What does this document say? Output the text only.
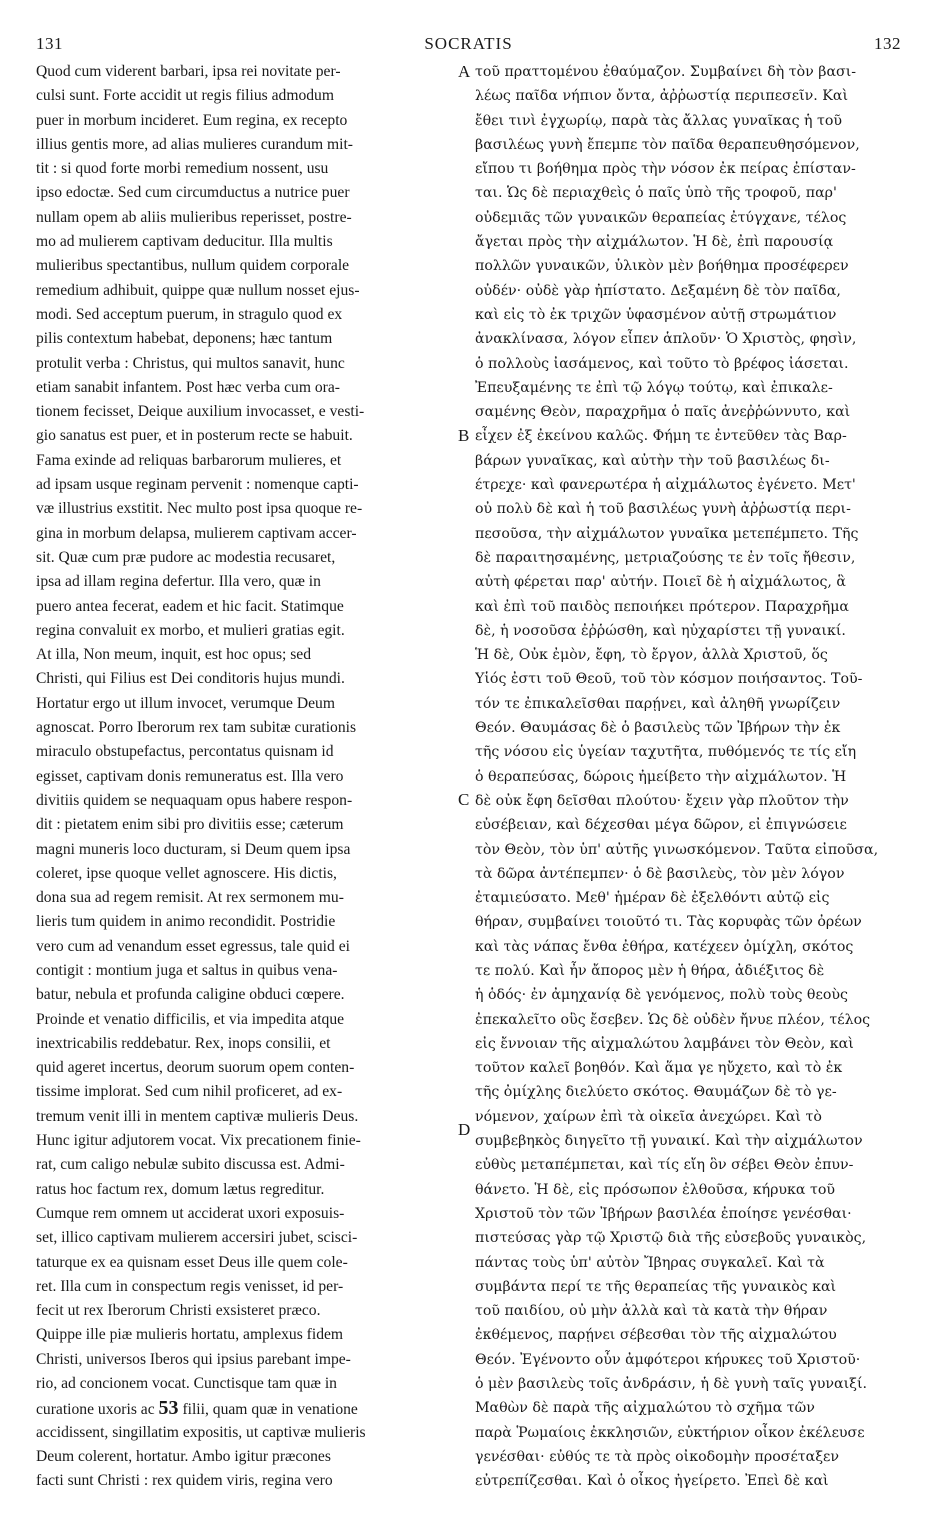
131	SOCRATIS	132
Quod cum viderent barbari, ipsa rei novitate per-
culsi sunt. Forte accidit ut regis filius admodum
puer in morbum incideret. Eum regina, ex recepto
illius gentis more, ad alias mulieres curandum mit-
tit : si quod forte morbi remedium nossent, usu
ipso edoctæ. Sed cum circumductus a nutrice puer
nullam opem ab aliis mulieribus reperisset, postre-
mo ad mulierem captivam deducitur. Illa multis
mulieribus spectantibus, nullum quidem corporale
remedium adhibuit, quippe quæ nullum nosset ejus-
modi. Sed acceptum puerum, in stragulo quod ex
pilis contextum habebat, deponens; hæc tantum
protulit verba : Christus, qui multos sanavit, hunc
etiam sanabit infantem. Post hæc verba cum ora-
tionem fecisset, Deique auxilium invocasset, e vesti-
gio sanatus est puer, et in posterum recte se habuit.
Fama exinde ad reliquas barbarorum mulieres, et
ad ipsam usque reginam pervenit : nomenque capti-
væ illustrius exstitit. Nec multo post ipsa quoque re-
gina in morbum delapsa, mulierem captivam accer-
sit. Quæ cum præ pudore ac modestia recusaret,
ipsa ad illam regina defertur. Illa vero, quæ in
puero antea fecerat, eadem et hic facit. Statimque
regina convaluit ex morbo, et mulieri gratias egit.
At illa, Non meum, inquit, est hoc opus; sed
Christi, qui Filius est Dei conditoris hujus mundi.
Hortatur ergo ut illum invocet, verumque Deum
agnoscat. Porro Iberorum rex tam subitæ curationis
miraculo obstupefactus, percontatus quisnam id
egisset, captivam donis remuneratus est. Illa vero
divitiis quidem se nequaquam opus habere respon-
dit : pietatem enim sibi pro divitiis esse; cæterum
magni muneris loco ducturam, si Deum quem ipsa
coleret, ipse quoque vellet agnoscere. His dictis,
dona sua ad regem remisit. At rex sermonem mu-
lieris tum quidem in animo recondidit. Postridie
vero cum ad venandum esset egressus, tale quid ei
contigit : montium juga et saltus in quibus vena-
batur, nebula et profunda caligine obduci cœpere.
Proinde et venatio difficilis, et via impedita atque
inextricabilis reddebatur. Rex, inops consilii, et
quid ageret incertus, deorum suorum opem conten-
tissime implorat. Sed cum nihil proficeret, ad ex-
tremum venit illi in mentem captivæ mulieris Deus.
Hunc igitur adjutorem vocat. Vix precationem finie-
rat, cum caligo nebulæ subito discussa est. Admi-
ratus hoc factum rex, domum lætus regreditur.
Cumque rem omnem ut acciderat uxori exposuis-
set, illico captivam mulierem accersiri jubet, sciscі-
taturque ex ea quisnam esset Deus ille quem cole-
ret. Illa cum in conspectum regis venisset, id per-
fecit ut rex Iberorum Christi exsisteret præco.
Quippe ille piæ mulieris hortatu, amplexus fidem
Christi, universos Iberos qui ipsius parebant impe-
rio, ad concionem vocat. Cunctisque tam quæ in
curatione uxoris ac 53 filii, quam quæ in venatione
accidissent, singillatim expositis, ut captivæ mulieris
Deum colerent, hortatur. Ambo igitur præcones
facti sunt Christi : rex quidem viris, regina vero
τοῦ πραττομένου ἐθαύμαζον. Συμβαίνει δὴ τὸν βασι-
λέως παῖδα νήπιον ὄντα, ἀῤῥωστίᾳ περιπεσεῖν. Καὶ
ἔθει τινὶ ἐγχωρίῳ, παρὰ τὰς ἄλλας γυναῖκας ἡ τοῦ
βασιλέως γυνὴ ἔπεμπε τὸν παῖδα θεραπευθησόμενον,
εἴπου τι βοήθημα πρὸς τὴν νόσον ἐκ πείρας ἐπίσταν-
ται. Ὡς δὲ περιαχθεὶς ὁ παῖς ὑπὸ τῆς τροφοῦ, παρ'
οὐδεμιᾶς τῶν γυναικῶν θεραπείας ἐτύγχανε, τέλος
ἄγεται πρὸς τὴν αἰχμάλωτον. Ἡ δὲ, ἐπὶ παρουσίᾳ
πολλῶν γυναικῶν, ὑλικὸν μὲν βοήθημα προσέφερεν
οὐδέν· οὐδὲ γὰρ ἠπίστατο. Δεξαμένη δὲ τὸν παῖδα,
καὶ εἰς τὸ ἐκ τριχῶν ὑφασμένον αὐτῇ στρωμάτιον
ἀνακλίνασα, λόγον εἶπεν ἁπλοῦν· Ὁ Χριστὸς, φησὶν,
ὁ πολλοὺς ἰασάμενος, καὶ τοῦτο τὸ βρέφος ἰάσεται.
Ἐπευξαμένης τε ἐπὶ τῷ λόγῳ τούτῳ, καὶ ἐπικαλε-
σαμένης Θεὸν, παραχρῆμα ὁ παῖς ἀνεῤῥώννυτο, καὶ
εἶχεν ἐξ ἐκείνου καλῶς. Φήμη τε ἐντεῦθεν τὰς Βαρ-
βάρων γυναῖκας, καὶ αὐτὴν τὴν τοῦ βασιλέως δι-
έτρεχε· καὶ φανερωτέρα ἡ αἰχμάλωτος ἐγένετο. Μετ'
οὐ πολὺ δὲ καὶ ἡ τοῦ βασιλέως γυνὴ ἀῤῥωστίᾳ περι-
πεσοῦσα, τὴν αἰχμάλωτον γυναῖκα μετεπέμπετο. Τῆς
δὲ παραιτησαμένης, μετριαζούσης τε ἐν τοῖς ἤθεσιν,
αὐτὴ φέρεται παρ' αὐτήν. Ποιεῖ δὲ ἡ αἰχμάλωτος, ἃ
καὶ ἐπὶ τοῦ παιδὸς πεποιήκει πρότερον. Παραχρῆμα
δὲ, ἡ νοσοῦσα ἐῤῥώσθη, καὶ ηὐχαρίστει τῇ γυναικί.
Ἡ δὲ, Οὐκ ἐμὸν, ἔφη, τὸ ἔργον, ἀλλὰ Χριστοῦ, ὅς
Υἱός ἐστι τοῦ Θεοῦ, τοῦ τὸν κόσμον ποιήσαντος. Τοῦ-
τόν τε ἐπικαλεῖσθαι παρῄνει, καὶ ἀληθῆ γνωρίζειν
Θεόν. Θαυμάσας δὲ ὁ βασιλεὺς τῶν Ἰβήρων τὴν ἐκ
τῆς νόσου εἰς ὑγείαν ταχυτῆτα, πυθόμενός τε τίς εἴη
ὁ θεραπεύσας, δώροις ἠμείβετο τὴν αἰχμάλωτον. Ἡ
δὲ οὐκ ἔφη δεῖσθαι πλούτου· ἔχειν γὰρ πλοῦτον τὴν
εὐσέβειαν, καὶ δέχεσθαι μέγα δῶρον, εἰ ἐπιγνώσειε
τὸν Θεὸν, τὸν ὑπ' αὐτῆς γινωσκόμενον. Ταῦτα εἰποῦσα,
τὰ δῶρα ἀντέπεμπεν· ὁ δὲ βασιλεὺς, τὸν μὲν λόγον
ἐταμιεύσατο. Μεθ' ἡμέραν δὲ ἐξελθόντι αὐτῷ εἰς
θήραν, συμβαίνει τοιοῦτό τι. Τὰς κορυφὰς τῶν ὀρέων
καὶ τὰς νάπας ἔνθα ἐθήρα, κατέχεεν ὀμίχλη, σκότος
τε πολύ. Καὶ ἦν ἄπορος μὲν ἡ θήρα, ἀδιέξιτος δὲ
ἡ ὁδός· ἐν ἀμηχανίᾳ δὲ γενόμενος, πολὺ τοὺς θεοὺς
ἐπεκαλεῖτο οὓς ἔσεβεν. Ὡς δὲ οὐδὲν ἤνυε πλέον, τέλος
εἰς ἔννοιαν τῆς αἰχμαλώτου λαμβάνει τὸν Θεὸν, καὶ
τοῦτον καλεῖ βοηθόν. Καὶ ἅμα γε ηὔχετο, καὶ τὸ ἐκ
τῆς ὀμίχλης διελύετο σκότος. Θαυμάζων δὲ τὸ γε-
νόμενον, χαίρων ἐπὶ τὰ οἰκεῖα ἀνεχώρει. Καὶ τὸ
συμβεβηκὸς διηγεῖτο τῇ γυναικί. Καὶ τὴν αἰχμάλωτον
εὐθὺς μεταπέμπεται, καὶ τίς εἴη ὃν σέβει Θεὸν ἐπυν-
θάνετο. Ἡ δὲ, εἰς πρόσωπον ἐλθοῦσα, κήρυκα τοῦ
Χριστοῦ τὸν τῶν Ἰβήρων βασιλέα ἐποίησε γενέσθαι·
πιστεύσας γὰρ τῷ Χριστῷ διὰ τῆς εὐσεβοῦς γυναικὸς,
πάντας τοὺς ὑπ' αὐτὸν Ἴβηρας συγκαλεῖ. Καὶ τὰ
συμβάντα περί τε τῆς θεραπείας τῆς γυναικὸς καὶ
τοῦ παιδίου, οὐ μὴν ἀλλὰ καὶ τὰ κατὰ τὴν θήραν
ἐκθέμενος, παρῄνει σέβεσθαι τὸν τῆς αἰχμαλώτου
Θεόν. Ἐγένοντο οὖν ἀμφότεροι κήρυκες τοῦ Χριστοῦ·
ὁ μὲν βασιλεὺς τοῖς ἀνδράσιν, ἡ δὲ γυνὴ ταῖς γυναιξί.
Μαθὼν δὲ παρὰ τῆς αἰχμαλώτου τὸ σχῆμα τῶν
παρὰ Ῥωμαίοις ἐκκλησιῶν, εὐκτήριον οἶκον ἐκέλευσε
γενέσθαι· εὐθύς τε τὰ πρὸς οἰκοδομὴν προσέταξεν
εὐτρεπίζεσθαι. Καὶ ὁ οἶκος ἠγείρετο. Ἐπεὶ δὲ καὶ
A
B
C
D
